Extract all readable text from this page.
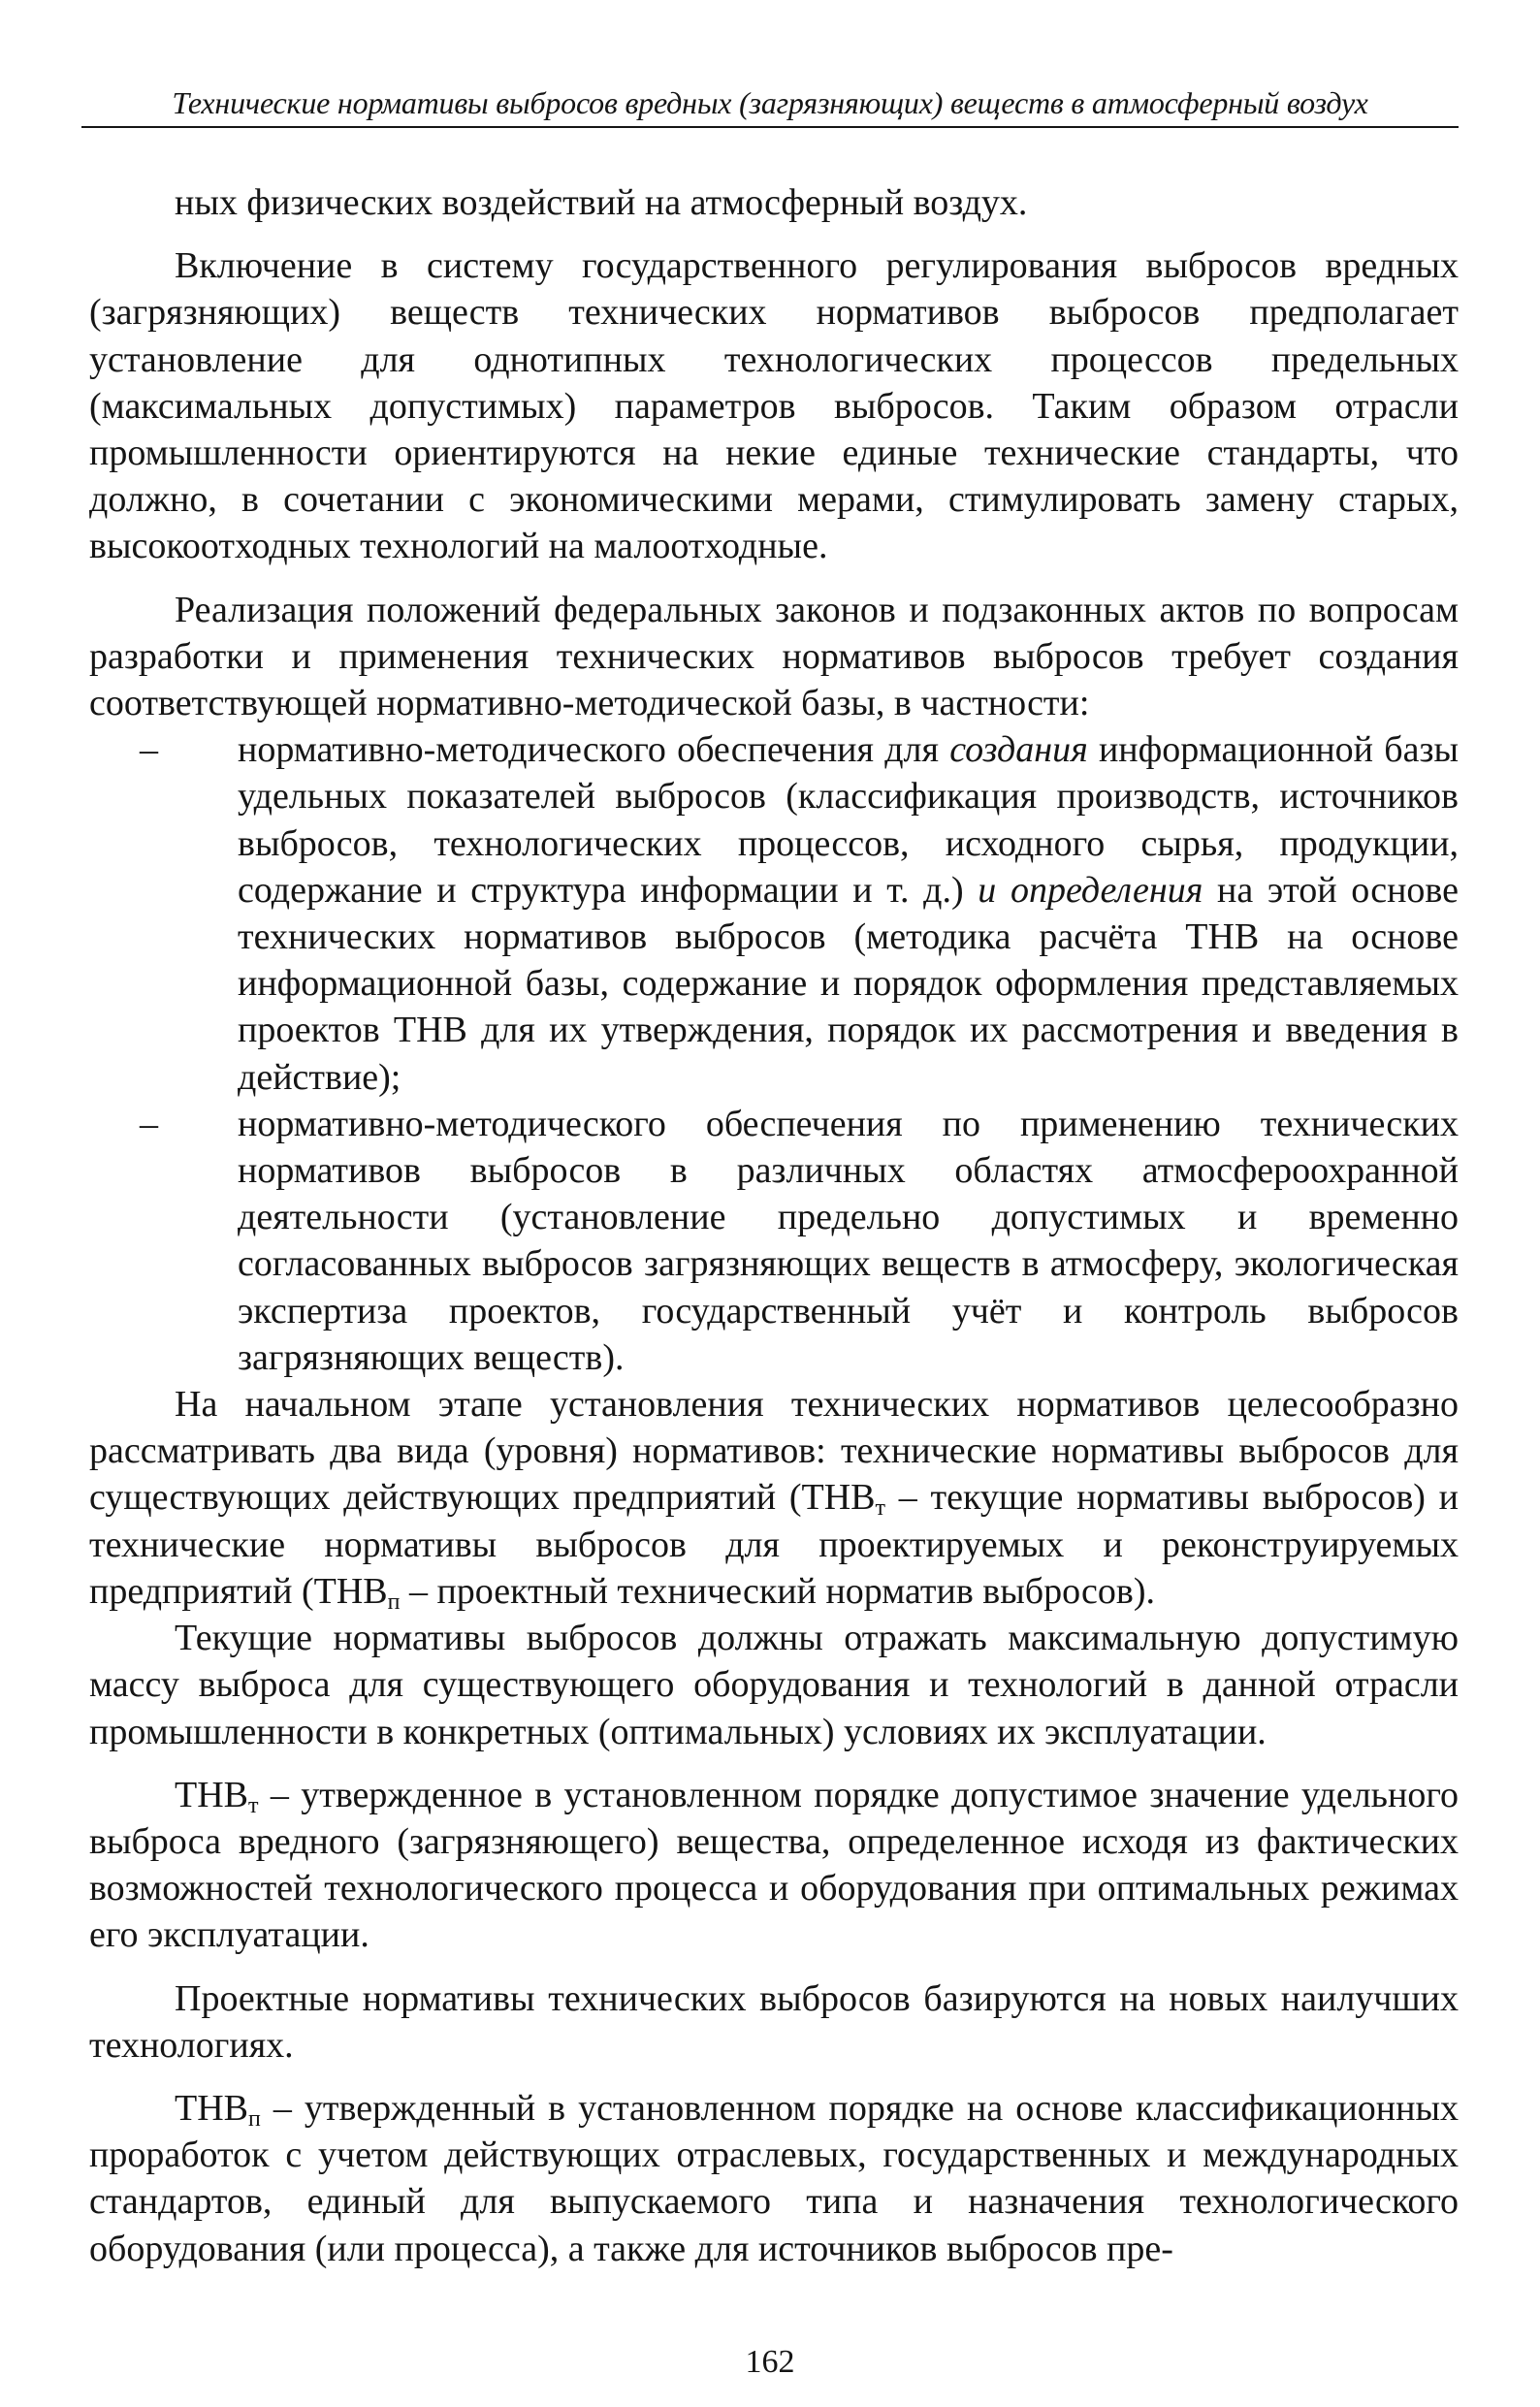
Технические нормативы выбросов вредных (загрязняющих) веществ в атмосферный воздух

ных физических воздействий на атмосферный воздух.

Включение в систему государственного регулирования выбросов вредных (загрязняющих) веществ технических нормативов выбросов предполагает установление для однотипных технологических процессов предельных (максимальных допустимых) параметров выбросов. Таким образом отрасли промышленности ориентируются на некие единые технические стандарты, что должно, в сочетании с экономическими мерами, стимулировать замену старых, высокоотходных технологий на малоотходные.

Реализация положений федеральных законов и подзаконных актов по вопросам разработки и применения технических нормативов выбросов требует создания соответствующей нормативно-методической базы, в частности:

– нормативно-методического обеспечения для создания информационной базы удельных показателей выбросов (классификация производств, источников выбросов, технологических процессов, исходного сырья, продукции, содержание и структура информации и т. д.) и определения на этой основе технических нормативов выбросов (методика расчёта ТНВ на основе информационной базы, содержание и порядок оформления представляемых проектов ТНВ для их утверждения, порядок их рассмотрения и введения в действие);
– нормативно-методического обеспечения по применению технических нормативов выбросов в различных областях атмосфероохранной деятельности (установление предельно допустимых и временно согласованных выбросов загрязняющих веществ в атмосферу, экологическая экспертиза проектов, государственный учёт и контроль выбросов загрязняющих веществ).

На начальном этапе установления технических нормативов целесообразно рассматривать два вида (уровня) нормативов: технические нормативы выбросов для существующих действующих предприятий ($ТНВ_т$ – текущие нормативы выбросов) и технические нормативы выбросов для проектируемых и реконструируемых предприятий ($ТНВ_п$ – проектный технический норматив выбросов).

Текущие нормативы выбросов должны отражать максимальную допустимую массу выброса для существующего оборудования и технологий в данной отрасли промышленности в конкретных (оптимальных) условиях их эксплуатации.

$ТНВ_т$ – утвержденное в установленном порядке допустимое значение удельного выброса вредного (загрязняющего) вещества, определенное исходя из фактических возможностей технологического процесса и оборудования при оптимальных режимах его эксплуатации.

Проектные нормативы технических выбросов базируются на новых наилучших технологиях.

$ТНВ_п$ – утвержденный в установленном порядке на основе классификационных проработок с учетом действующих отраслевых, государственных и международных стандартов, единый для выпускаемого типа и назначения технологического оборудования (или процесса), а также для источников выбросов пре-

162
